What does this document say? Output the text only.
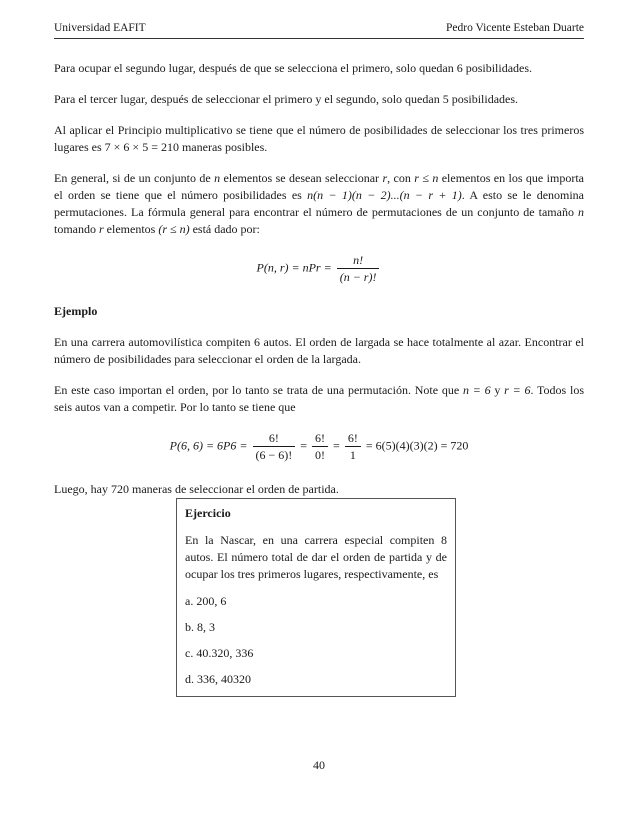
Universidad EAFIT	Pedro Vicente Esteban Duarte

Para ocupar el segundo lugar, después de que se selecciona el primero, solo quedan 6 posibilidades.

Para el tercer lugar, después de seleccionar el primero y el segundo, solo quedan 5 posibilidades.

Al aplicar el Principio multiplicativo se tiene que el número de posibilidades de seleccionar los tres primeros lugares es 7 × 6 × 5 = 210 maneras posibles.

En general, si de un conjunto de n elementos se desean seleccionar r, con r ≤ n elementos en los que importa el orden se tiene que el número posibilidades es n(n − 1)(n − 2)...(n − r + 1). A esto se le denomina permutaciones. La fórmula general para encontrar el número de permutaciones de un conjunto de tamaño n tomando r elementos (r ≤ n) está dado por:

P(n, r) = nPr = $\frac{n!}{(n - r)!}$

Ejemplo

En una carrera automovilística compiten 6 autos. El orden de largada se hace totalmente al azar. Encontrar el número de posibilidades para seleccionar el orden de la largada.

En este caso importan el orden, por lo tanto se trata de una permutación. Note que n = 6 y r = 6. Todos los seis autos van a competir. Por lo tanto se tiene que

P(6, $6) = 6P6 = \frac{6!}{(6 - 6)!} = \frac{6!}{0!} = \frac{6!}{1} = 6(5)(4)(3)(2) = 720$

Luego, hay 720 maneras de seleccionar el orden de partida.

Ejercicio

En la Nascar, en una carrera especial compiten 8 autos. El número total de dar el orden de partida y de ocupar los tres primeros lugares, respectivamente, es

a. 200, 6
b. 8, 3
c. 40.320, 336
d. 336, 40320
40
